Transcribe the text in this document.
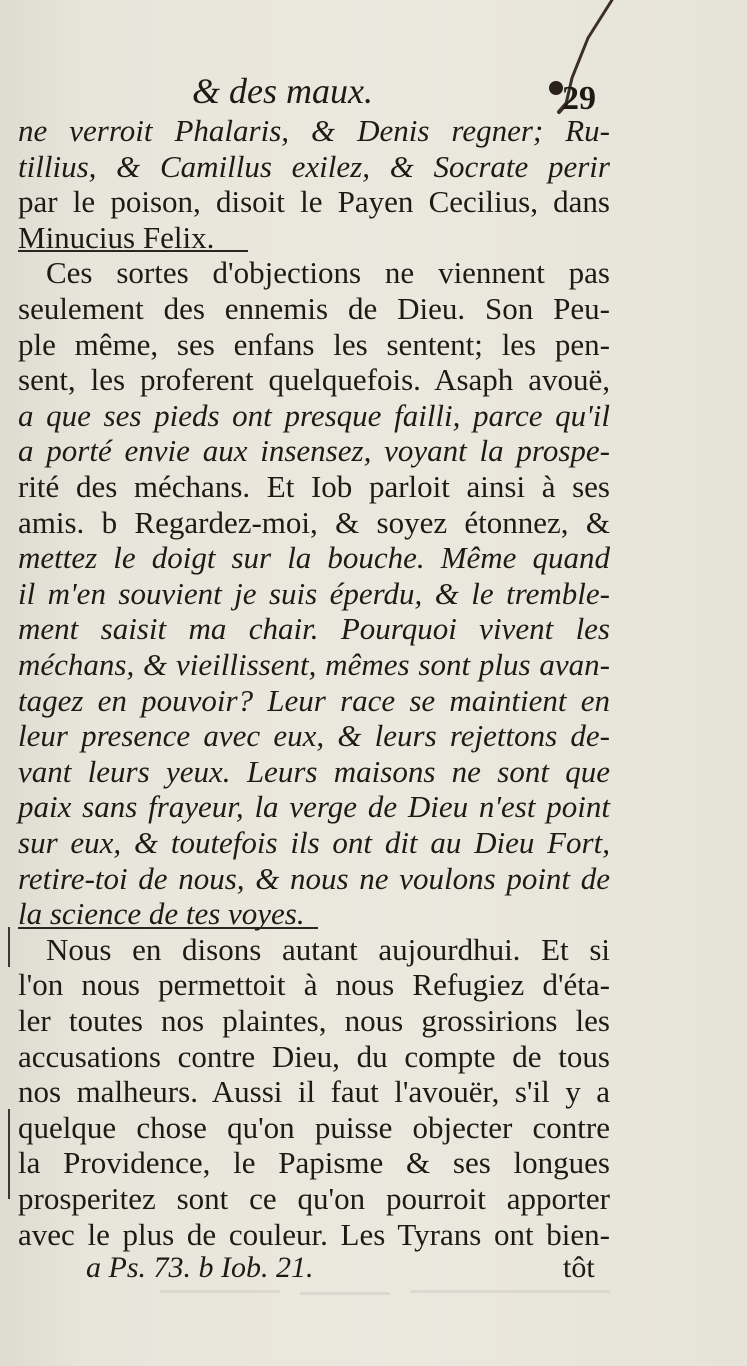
& des maux.	29
ne verroit Phalaris, & Denis regner; Ru-
tillius, & Camillus exilez, & Socrate perir
par le poison, disoit le Payen Cecilius, dans
Minucius Felix.
Ces sortes d'objections ne viennent pas
seulement des ennemis de Dieu. Son Peu-
ple même, ses enfans les sentent; les pen-
sent, les proferent quelquefois. Asaph avouë,
a que ses pieds ont presque failli, parce qu'il
a porté envie aux insensez, voyant la prospe-
rité des méchans. Et Iob parloit ainsi à ses
amis. b Regardez-moi, & soyez étonnez, &
mettez le doigt sur la bouche. Même quand
il m'en souvient je suis éperdu, & le tremble-
ment saisit ma chair. Pourquoi vivent les
méchans, & vieillissent, mêmes sont plus avan-
tagez en pouvoir? Leur race se maintient en
leur presence avec eux, & leurs rejettons de-
vant leurs yeux. Leurs maisons ne sont que
paix sans frayeur, la verge de Dieu n'est point
sur eux, & toutefois ils ont dit au Dieu Fort,
retire-toi de nous, & nous ne voulons point de
la science de tes voyes.
Nous en disons autant aujourdhui. Et si
l'on nous permettoit à nous Refugiez d'éta-
ler toutes nos plaintes, nous grossirions les
accusations contre Dieu, du compte de tous
nos malheurs. Aussi il faut l'avouër, s'il y a
quelque chose qu'on puisse objecter contre
la Providence, le Papisme & ses longues
prosperitez sont ce qu'on pourroit apporter
avec le plus de couleur. Les Tyrans ont bien-
a Ps. 73. b Iob. 21.	tôt
